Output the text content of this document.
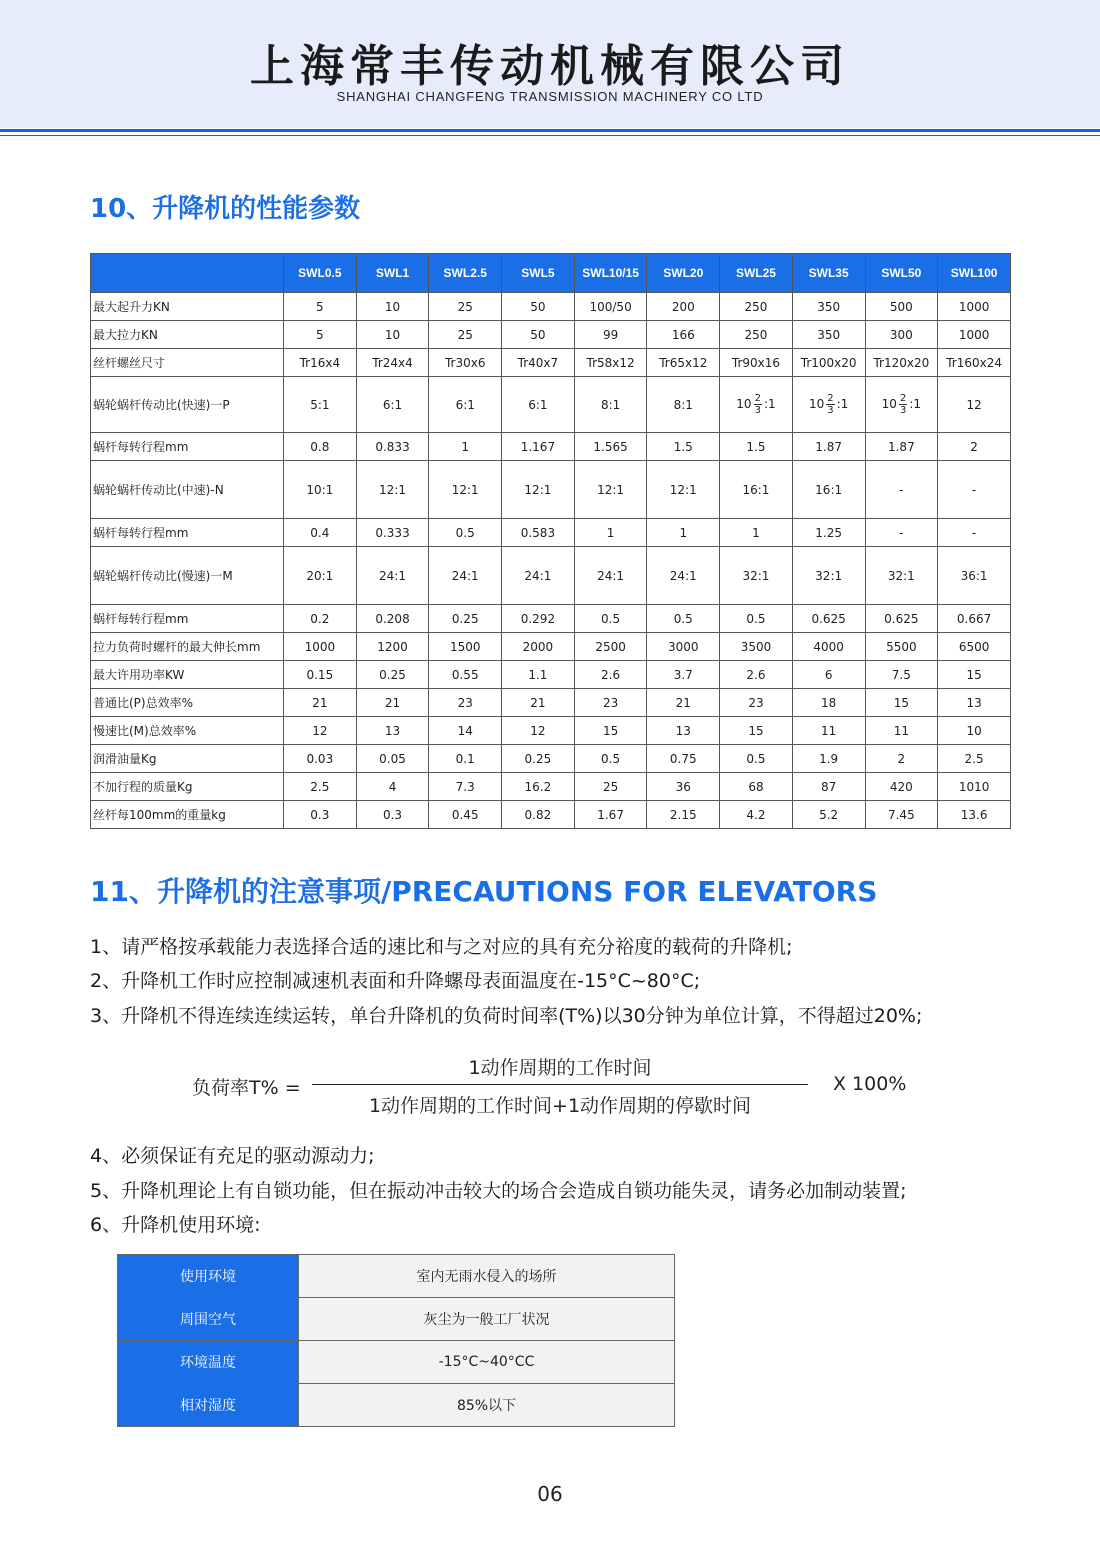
上海常丰传动机械有限公司
SHANGHAI CHANGFENG TRANSMISSION MACHINERY CO LTD
10、升降机的性能参数
	SWL0.5	SWL1	SWL2.5	SWL5	SWL10/15	SWL20	SWL25	SWL35	SWL50	SWL100
最大起升力KN	5	10	25	50	100/50	200	250	350	500	1000
最大拉力KN	5	10	25	50	99	166	250	350	300	1000
丝杆螺丝尺寸	Tr16x4	Tr24x4	Tr30x6	Tr40x7	Tr58x12	Tr65x12	Tr90x16	Tr100x20	Tr120x20	Tr160x24
蜗轮蜗杆传动比(快速)一P	5:1	6:1	6:1	6:1	8:1	8:1	$10 \frac{2}{3}$ :1	$10 \frac{2}{3}$ :1	$10 \frac{2}{3}$ :1	12
蜗杆每转行程mm	0.8	0.833	1	1.167	1.565	1.5	1.5	1.87	1.87	2
蜗轮蜗杆传动比(中速)-N	10:1	12:1	12:1	12:1	12:1	12:1	16:1	16:1	-	-
蜗杆每转行程mm	0.4	0.333	0.5	0.583	1	1	1	1.25	-	-
蜗轮蜗杆传动比(慢速)一M	20:1	24:1	24:1	24:1	24:1	24:1	32:1	32:1	32:1	36:1
蜗杆每转行程mm	0.2	0.208	0.25	0.292	0.5	0.5	0.5	0.625	0.625	0.667
拉力负荷时螺杆的最大伸长mm	1000	1200	1500	2000	2500	3000	3500	4000	5500	6500
最大许用功率KW	0.15	0.25	0.55	1.1	2.6	3.7	2.6	6	7.5	15
普通比(P)总效率%	21	21	23	21	23	21	23	18	15	13
慢速比(M)总效率%	12	13	14	12	15	13	15	11	11	10
润滑油量Kg	0.03	0.05	0.1	0.25	0.5	0.75	0.5	1.9	2	2.5
不加行程的质量Kg	2.5	4	7.3	16.2	25	36	68	87	420	1010
丝杆每100mm的重量kg	0.3	0.3	0.45	0.82	1.67	2.15	4.2	5.2	7.45	13.6
11、升降机的注意事项/PRECAUTIONS FOR ELEVATORS
1、请严格按承载能力表选择合适的速比和与之对应的具有充分裕度的载荷的升降机;
2、升降机工作时应控制减速机表面和升降螺母表面温度在-15°C~80°C;
3、升降机不得连续连续运转，单台升降机的负荷时间率(T%)以30分钟为单位计算，不得超过20%;
负荷率T% =
1动作周期的工作时间
1动作周期的工作时间+1动作周期的停歇时间
X 100%
4、必须保证有充足的驱动源动力;
5、升降机理论上有自锁功能，但在振动冲击较大的场合会造成自锁功能失灵，请务必加制动装置;
6、升降机使用环境:
使用环境	室内无雨水侵入的场所
周围空气	灰尘为一般工厂状况
环境温度	-15°C~40°CC
相对湿度	85%以下
06
